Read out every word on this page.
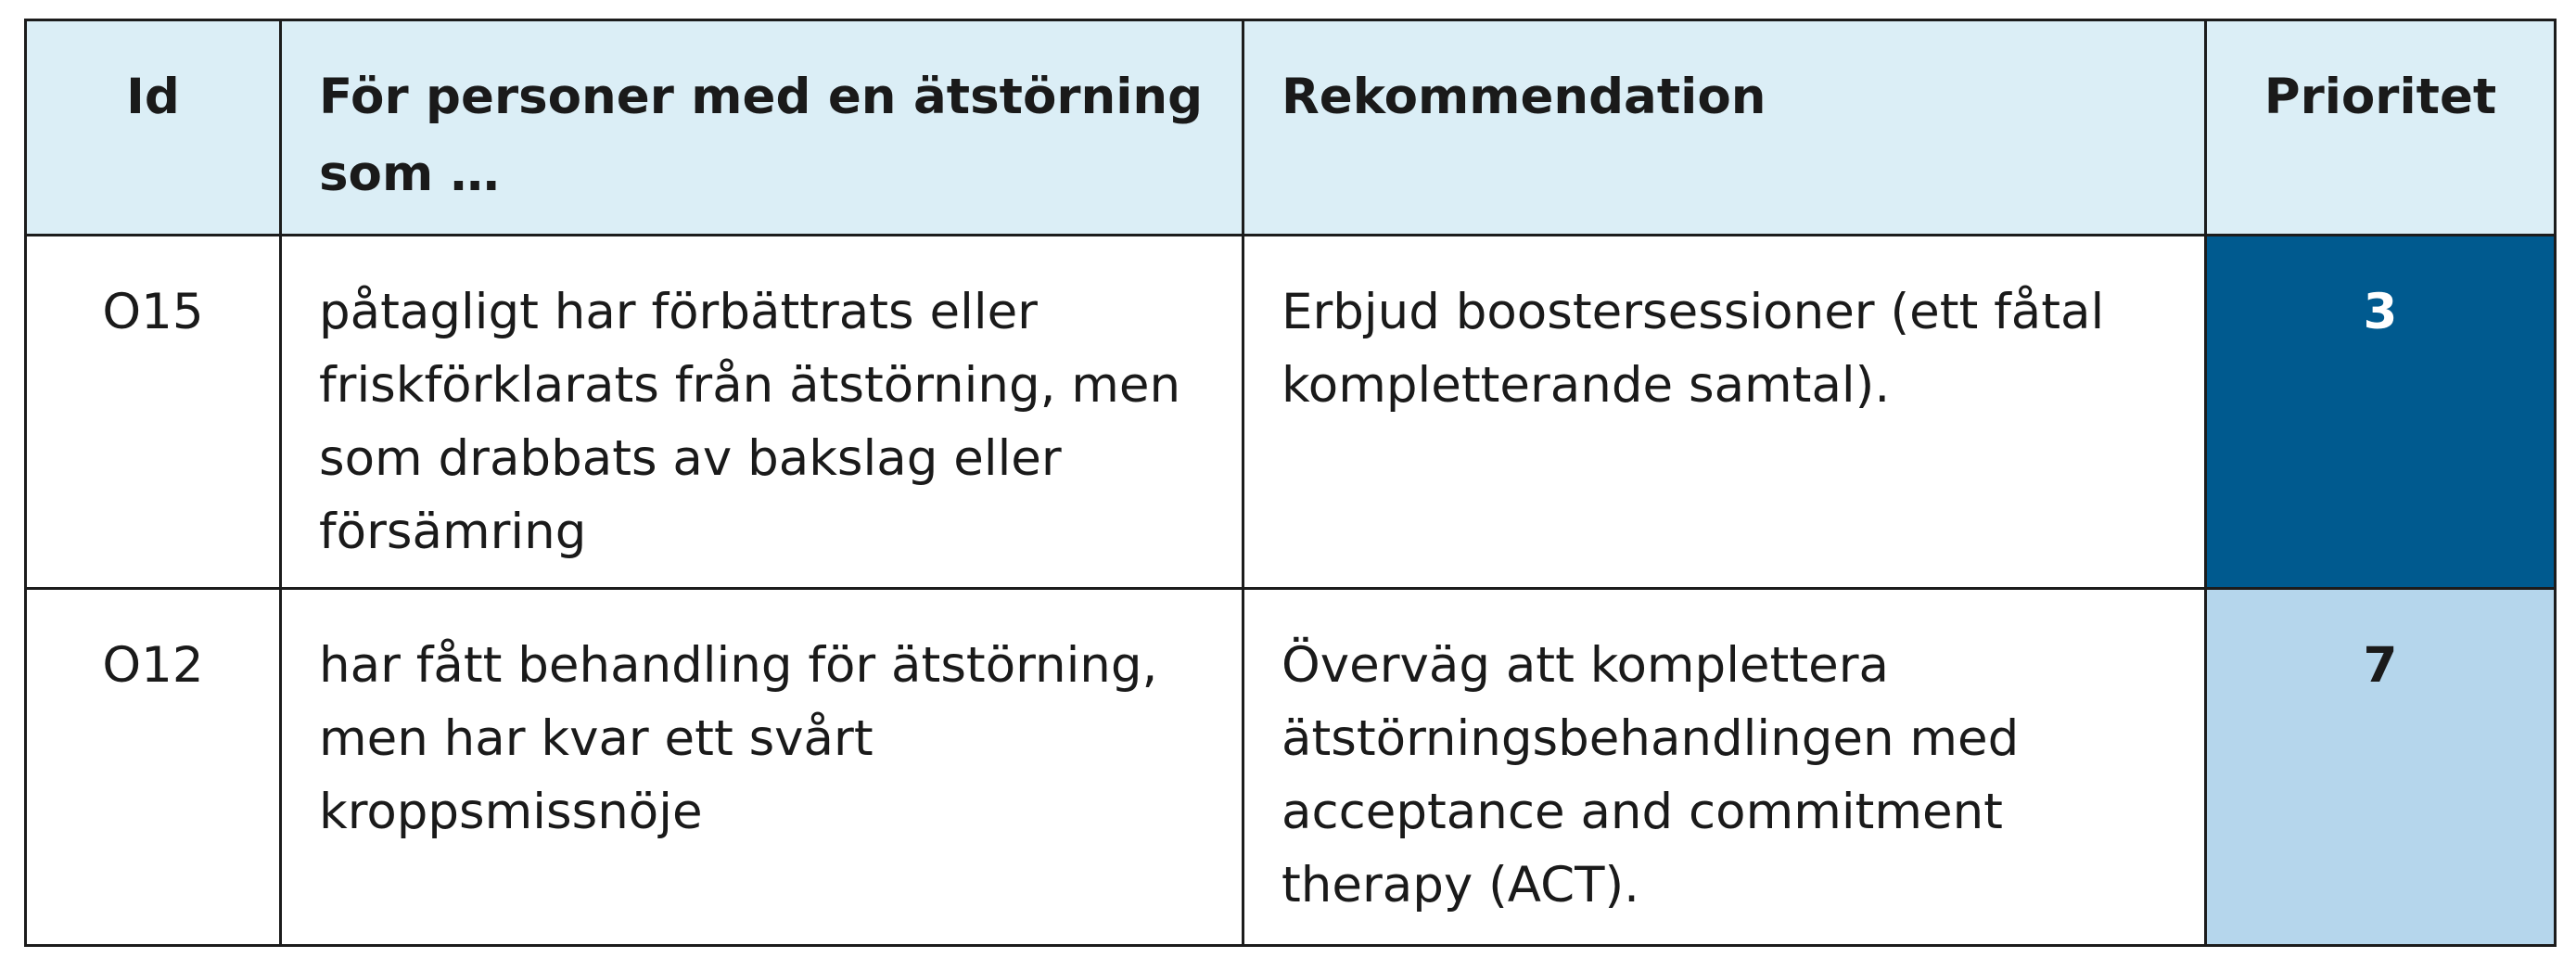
Id	För personer med en ätstörning som …	Rekommendation	Prioritet
O15	påtagligt har förbättrats eller friskförklarats från ätstörning, men som drabbats av bakslag eller försämring	Erbjud boostersessioner (ett fåtal kompletterande samtal).	3
O12	har fått behandling för ätstörning, men har kvar ett svårt kroppsmissnöje	Överväg att komplettera ätstörningsbehandlingen med acceptance and commitment therapy (ACT).	7
